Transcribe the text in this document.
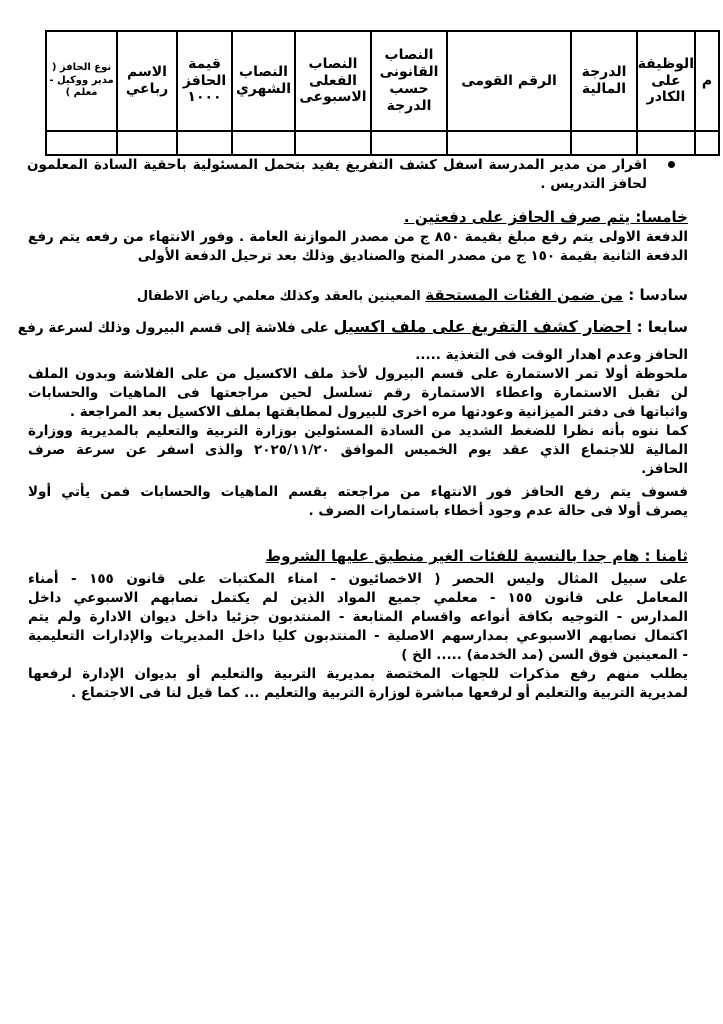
م	الوظيفة على الكادر	الدرجة المالية	الرقم القومى	النصاب القانونى حسب الدرجة	النصاب الفعلى الاسبوعى	النصاب الشهري	قيمة الحافز ١٠٠٠	الاسم رباعي	نوع الحافز ( مدير ووكيل - معلم )

اقرار من مدير المدرسة اسفل كشف التفريغ يفيد بتحمل المسئولية باحقية السادة المعلمون
لحافز التدريس .
خامسا: يتم صرف الحافز على دفعتين .
الدفعة الاولى يتم رفع مبلغ بقيمة ٨٥٠ ج من مصدر الموازنة العامة . وفور الانتهاء من رفعه يتم رفع
الدفعة الثانية بقيمة ١٥٠ ج من مصدر المنح والصناديق وذلك بعد ترحيل الدفعة الأولى
سادسا : من ضمن الفئات المستحقة المعينين بالعقد وكذلك معلمي رياض الاطفال
سابعا : احضار كشف التفريغ على ملف اكسيل على فلاشة إلى قسم البيرول وذلك لسرعة رفع
الحافز وعدم اهدار الوقت فى التغذية .....
ملحوظة أولا تمر الاستمارة على قسم البيرول لأخذ ملف الاكسيل من على الفلاشة وبدون الملف
لن تقبل الاستمارة واعطاء الاستمارة رقم تسلسل لحين مراجعتها فى الماهيات والحسابات
واثباتها فى دفتر الميزانية وعودتها مره اخرى للبيرول لمطابقتها بملف الاكسيل بعد المراجعة .
كما ننوه بأنه نظرا للضغط الشديد من السادة المسئولين بوزارة التربية والتعليم بالمديرية ووزارة
المالية للاجتماع الذي عقد يوم الخميس الموافق ٢٠٢٥/١١/٢٠ والذى اسفر عن سرعة صرف
الحافز.
فسوف يتم رفع الحافز فور الانتهاء من مراجعته بقسم الماهيات والحسابات فمن يأتي أولا
يصرف أولا فى حالة عدم وجود أخطاء باستمارات الصرف .
ثامنا : هام جدا بالنسبة للفئات الغير منطبق عليها الشروط
على سبيل المثال وليس الحصر ( الاخصائيون - امناء المكتبات على قانون ١٥٥ - أمناء
المعامل على قانون ١٥٥ - معلمي جميع المواد الذين لم يكتمل نصابهم الاسبوعي داخل
المدارس - التوجيه بكافة أنواعه واقسام المتابعة - المنتدبون جزئيا داخل ديوان الادارة ولم يتم
اكتمال نصابهم الاسبوعي بمدارسهم الاصلية - المنتدبون كليا داخل المديريات والإدارات التعليمية
- المعينين فوق السن (مد الخدمة) ..... الخ )
يطلب منهم رفع مذكرات للجهات المختصة بمديرية التربية والتعليم أو بديوان الإدارة لرفعها
لمديرية التربية والتعليم أو لرفعها مباشرة لوزارة التربية والتعليم ... كما قيل لنا فى الاجتماع .
